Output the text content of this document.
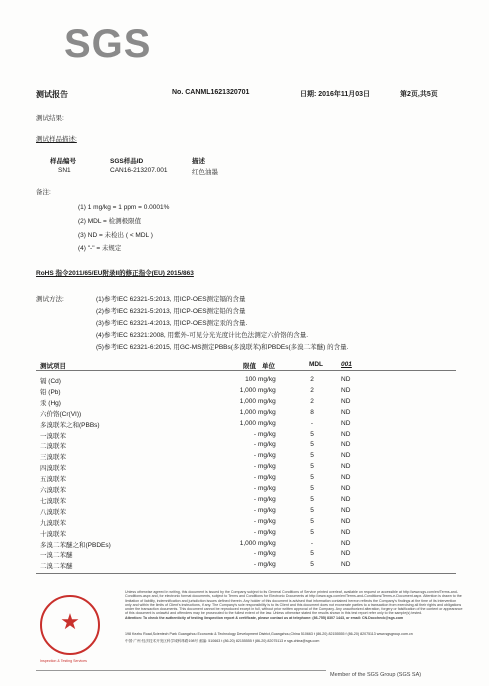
SGS
测试报告	No. CANML1621320701	日期: 2016年11月03日	第2页,共5页
测试结果:
测试样品描述:
样品编号	SGS样品ID	描述
SN1	CAN16-213207.001	红色油墨
备注:
(1) 1 mg/kg = 1 ppm = 0.0001%
(2) MDL = 检测极限值
(3) ND = 未检出 ( < MDL )
(4) "-" = 未规定
RoHS 指令2011/65/EU附录II的修正指令(EU) 2015/863
测试方法:	(1)参考IEC 62321-5:2013, 用ICP-OES测定镉的含量
(2)参考IEC 62321-5:2013, 用ICP-OES测定铅的含量
(3)参考IEC 62321-4:2013, 用ICP-OES测定汞的含量.
(4)参考IEC 62321:2008, 用紫外-可见分光光度计比色法测定六价铬的含量.
(5)参考IEC 62321-6:2015, 用GC-MS测定PBBs(多溴联苯)和PBDEs(多溴二苯醚) 的含量.
测试项目	限值 单位	MDL	001
镉 (Cd)	100 mg/kg	2	ND
铅 (Pb)	1,000 mg/kg	2	ND
汞 (Hg)	1,000 mg/kg	2	ND
六价铬(Cr(VI))	1,000 mg/kg	8	ND
多溴联苯之和(PBBs)	1,000 mg/kg	-	ND
一溴联苯	- mg/kg	5	ND
二溴联苯	- mg/kg	5	ND
三溴联苯	- mg/kg	5	ND
四溴联苯	- mg/kg	5	ND
五溴联苯	- mg/kg	5	ND
六溴联苯	- mg/kg	5	ND
七溴联苯	- mg/kg	5	ND
八溴联苯	- mg/kg	5	ND
九溴联苯	- mg/kg	5	ND
十溴联苯	- mg/kg	5	ND
多溴二苯醚之和(PBDEs)	1,000 mg/kg	-	ND
一溴二苯醚	- mg/kg	5	ND
二溴二苯醚	- mg/kg	5	ND
★
Inspection & Testing Services
Unless otherwise agreed in writing, this document is issued by the Company subject to its General Conditions of Service printed overleaf, available on request or accessible at http://www.sgs.com/en/Terms-and-Conditions.aspx and, for electronic format documents, subject to Terms and Conditions for Electronic Documents at http://www.sgs.com/en/Terms-and-Conditions/Terms-e-Document.aspx. Attention is drawn to the limitation of liability, indemnification and jurisdiction issues defined therein. Any holder of this document is advised that information contained hereon reflects the Company's findings at the time of its intervention only and within the limits of Client's instructions, if any. The Company's sole responsibility is to its Client and this document does not exonerate parties to a transaction from exercising all their rights and obligations under the transaction documents. This document cannot be reproduced except in full, without prior written approval of the Company. Any unauthorized alteration, forgery or falsification of the content or appearance of this document is unlawful and offenders may be prosecuted to the fullest extent of the law. Unless otherwise stated the results shown in this test report refer only to the sample(s) tested.
Attention: To check the authenticity of testing /inspection report & certificate, please contact us at telephone: (86-755) 8307 1443, or email: CN.Doccheck@sgs.com
198 Kezhu Road,Scientech Park Guangzhou Economic & Technology Development District,Guangzhou,China 510663 t (86-20) 82155555 f (86-20) 82075113 www.sgsgroup.com.cn
中国·广州·经济技术开发区科学城科珠路198号 邮编: 510663 t (86-20) 82155555 f (86-20) 82075113 e sgs.china@sgs.com
Member of the SGS Group (SGS SA)
